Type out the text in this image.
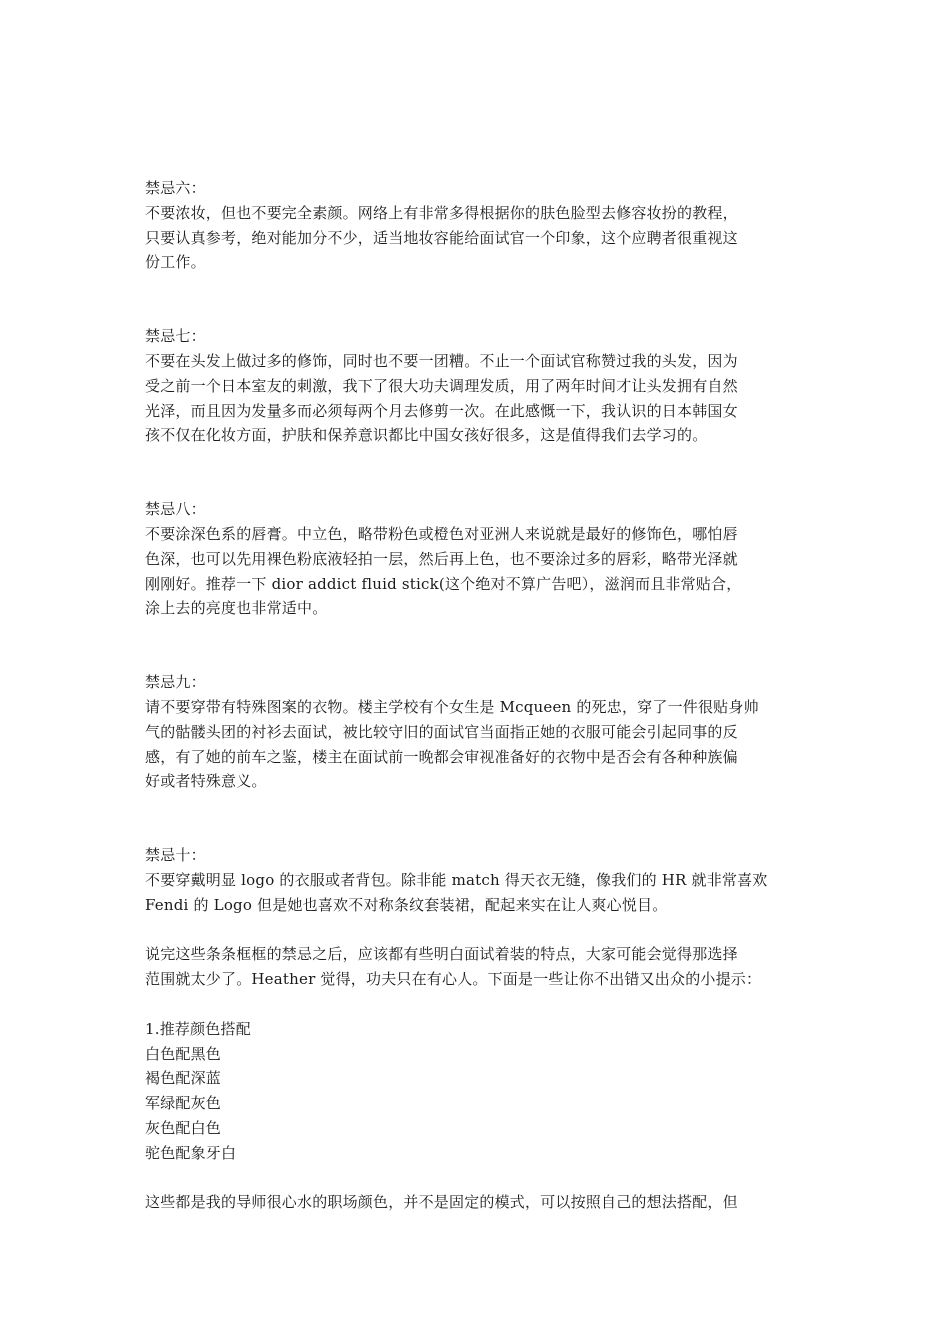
禁忌六：
不要浓妆，但也不要完全素颜。网络上有非常多得根据你的肤色脸型去修容妆扮的教程，
只要认真参考，绝对能加分不少，适当地妆容能给面试官一个印象，这个应聘者很重视这
份工作。
禁忌七：
不要在头发上做过多的修饰，同时也不要一团糟。不止一个面试官称赞过我的头发，因为
受之前一个日本室友的刺激，我下了很大功夫调理发质，用了两年时间才让头发拥有自然
光泽，而且因为发量多而必须每两个月去修剪一次。在此感慨一下，我认识的日本韩国女
孩不仅在化妆方面，护肤和保养意识都比中国女孩好很多，这是值得我们去学习的。
禁忌八：
不要涂深色系的唇膏。中立色，略带粉色或橙色对亚洲人来说就是最好的修饰色，哪怕唇
色深，也可以先用裸色粉底液轻拍一层，然后再上色，也不要涂过多的唇彩，略带光泽就
刚刚好。推荐一下 dior addict fluid stick(这个绝对不算广告吧），滋润而且非常贴合，
涂上去的亮度也非常适中。
禁忌九：
请不要穿带有特殊图案的衣物。楼主学校有个女生是 Mcqueen 的死忠，穿了一件很贴身帅
气的骷髅头团的衬衫去面试，被比较守旧的面试官当面指正她的衣服可能会引起同事的反
感，有了她的前车之鉴，楼主在面试前一晚都会审视准备好的衣物中是否会有各种种族偏
好或者特殊意义。
禁忌十：
不要穿戴明显 logo 的衣服或者背包。除非能 match 得天衣无缝，像我们的 HR 就非常喜欢
Fendi 的 Logo 但是她也喜欢不对称条纹套装裙，配起来实在让人爽心悦目。
说完这些条条框框的禁忌之后，应该都有些明白面试着装的特点，大家可能会觉得那选择
范围就太少了。Heather 觉得，功夫只在有心人。下面是一些让你不出错又出众的小提示：
1.推荐颜色搭配
白色配黑色
褐色配深蓝
军绿配灰色
灰色配白色
驼色配象牙白
这些都是我的导师很心水的职场颜色，并不是固定的模式，可以按照自己的想法搭配，但
